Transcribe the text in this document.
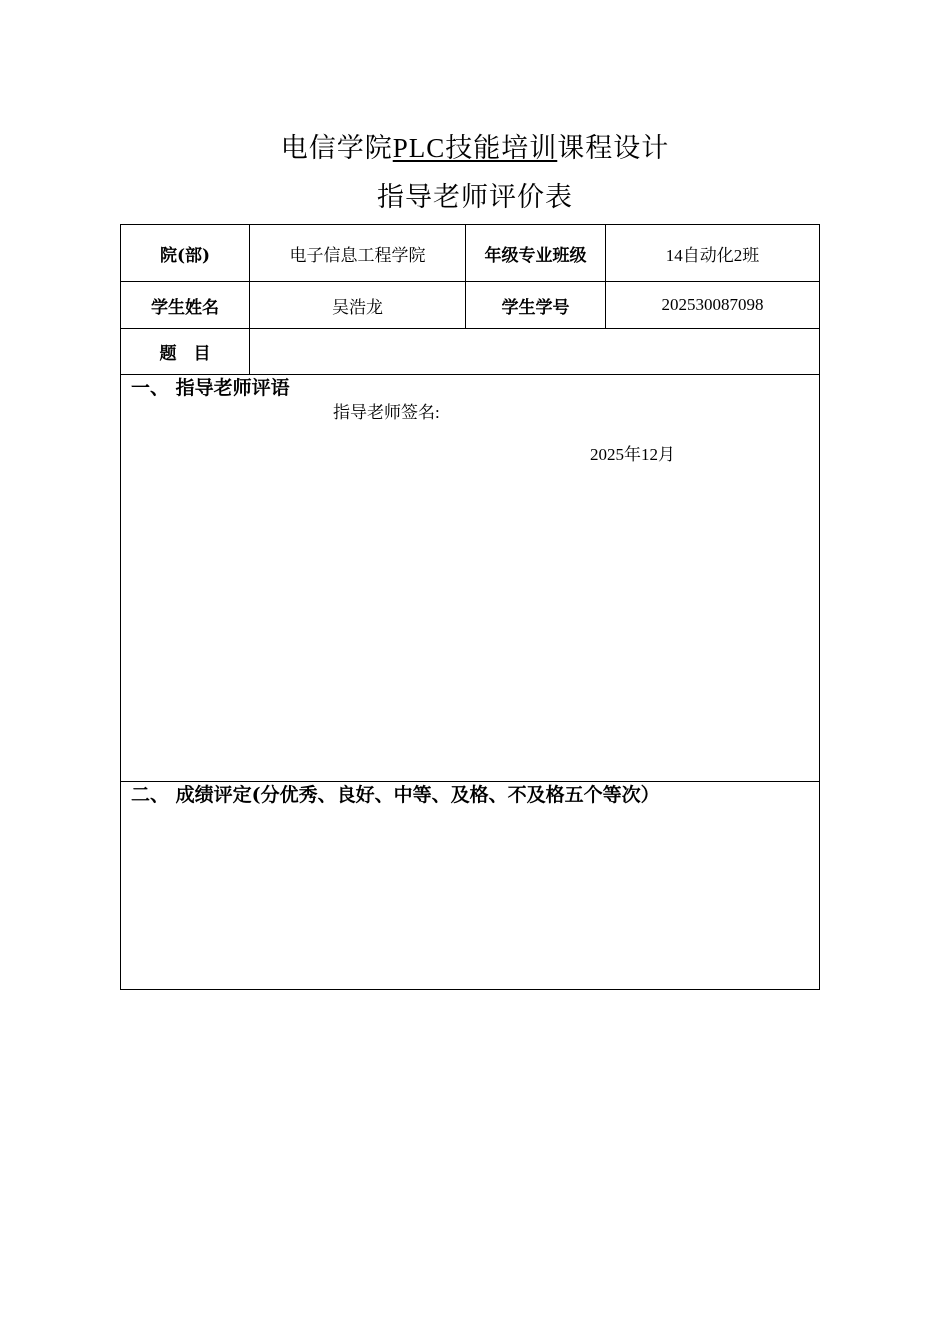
电信学院PLC技能培训课程设计
指导老师评价表
院(部)	电子信息工程学院	年级专业班级	14自动化2班
学生姓名	吴浩龙	学生学号	202530087098
题　目			

一、 指导老师评语
指导老师签名:
2025年12月			

二、 成绩评定(分优秀、良好、中等、及格、不及格五个等次）			
